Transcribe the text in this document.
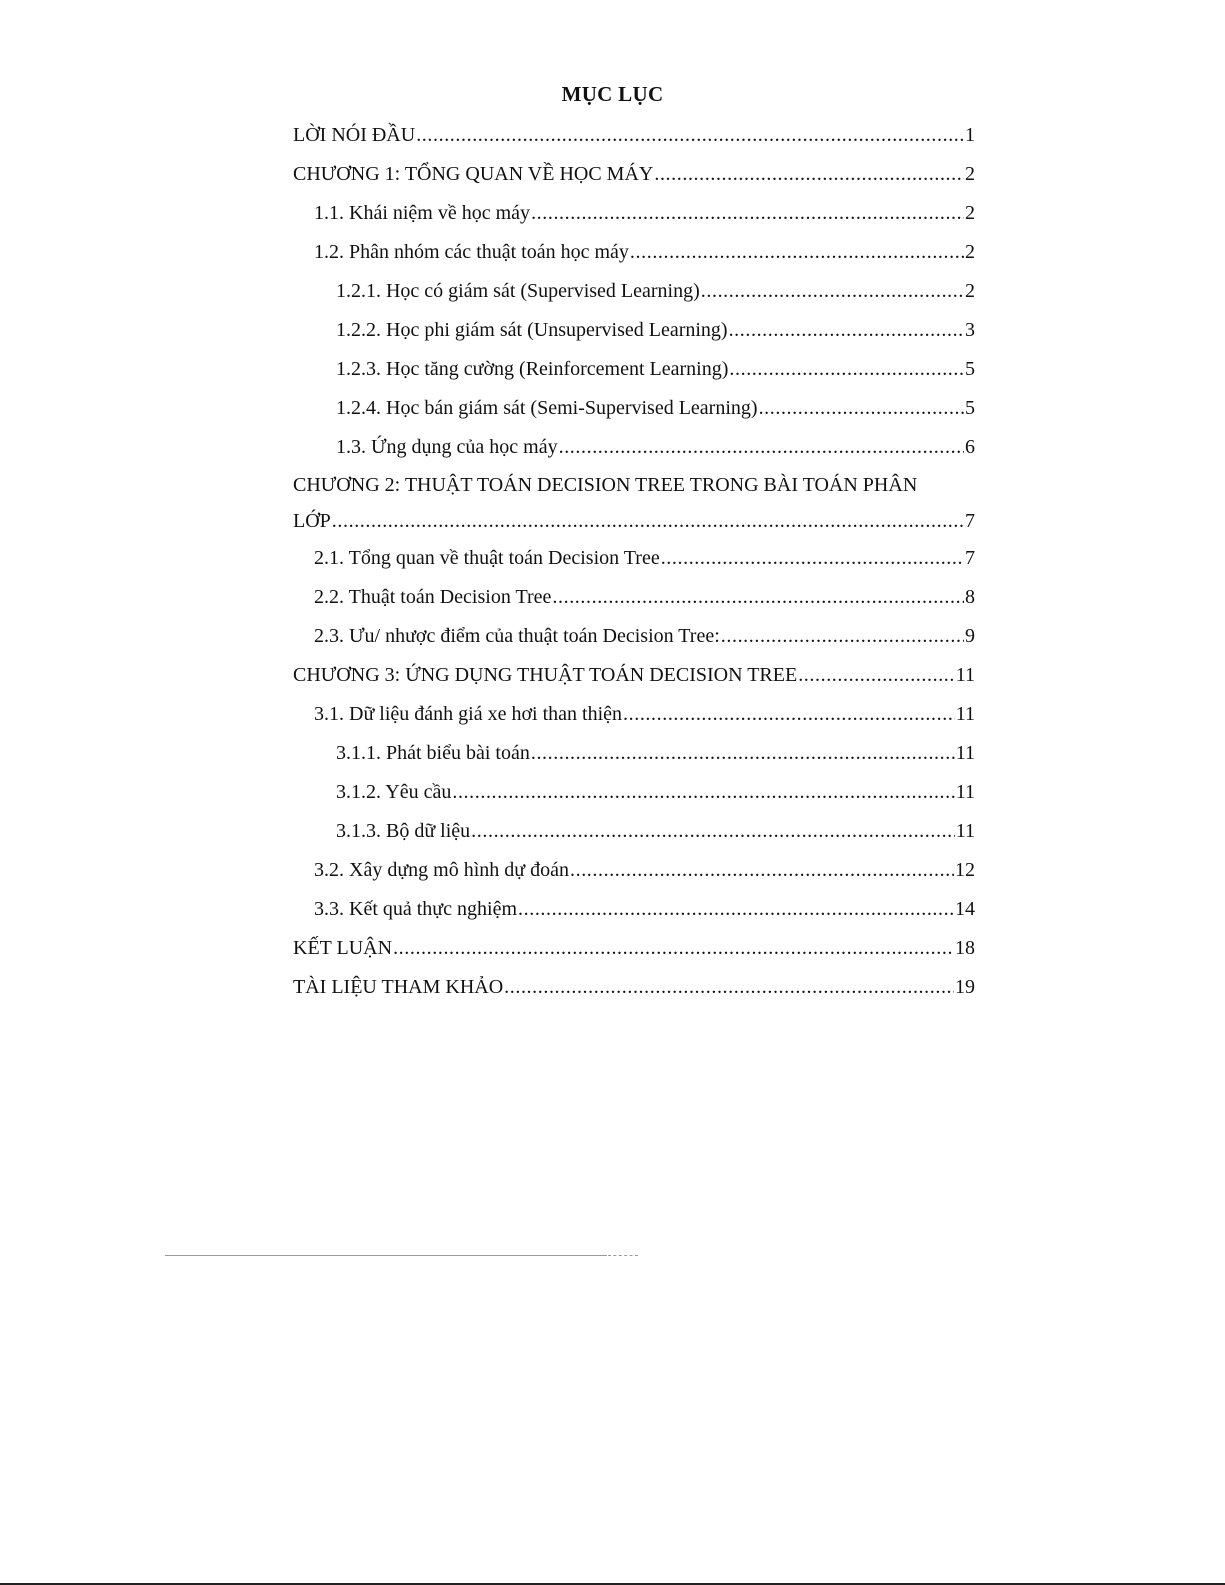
MỤC LỤC
LỜI NÓI ĐẦU .....	1
CHƯƠNG 1: TỔNG QUAN VỀ HỌC MÁY .....	2
1.1. Khái niệm về học máy .....	2
1.2. Phân nhóm các thuật toán học máy .....	2
1.2.1. Học có giám sát (Supervised Learning) .....	2
1.2.2. Học phi giám sát (Unsupervised Learning) .....	3
1.2.3. Học tăng cường (Reinforcement Learning) .....	5
1.2.4. Học bán giám sát (Semi-Supervised Learning) .....	5
1.3. Ứng dụng của học máy .....	6
CHƯƠNG 2: THUẬT TOÁN DECISION TREE TRONG BÀI TOÁN PHÂN
LỚP .....	7
2.1. Tổng quan về thuật toán Decision Tree .....	7
2.2. Thuật toán Decision Tree .....	8
2.3. Ưu/ nhược điểm của thuật toán Decision Tree: .....	9
CHƯƠNG 3: ỨNG DỤNG THUẬT TOÁN DECISION TREE .....	11
3.1. Dữ liệu đánh giá xe hơi than thiện .....	11
3.1.1. Phát biểu bài toán .....	11
3.1.2. Yêu cầu .....	11
3.1.3. Bộ dữ liệu .....	11
3.2. Xây dựng mô hình dự đoán .....	12
3.3. Kết quả thực nghiệm .....	14
KẾT LUẬN .....	18
TÀI LIỆU THAM KHẢO .....	19
